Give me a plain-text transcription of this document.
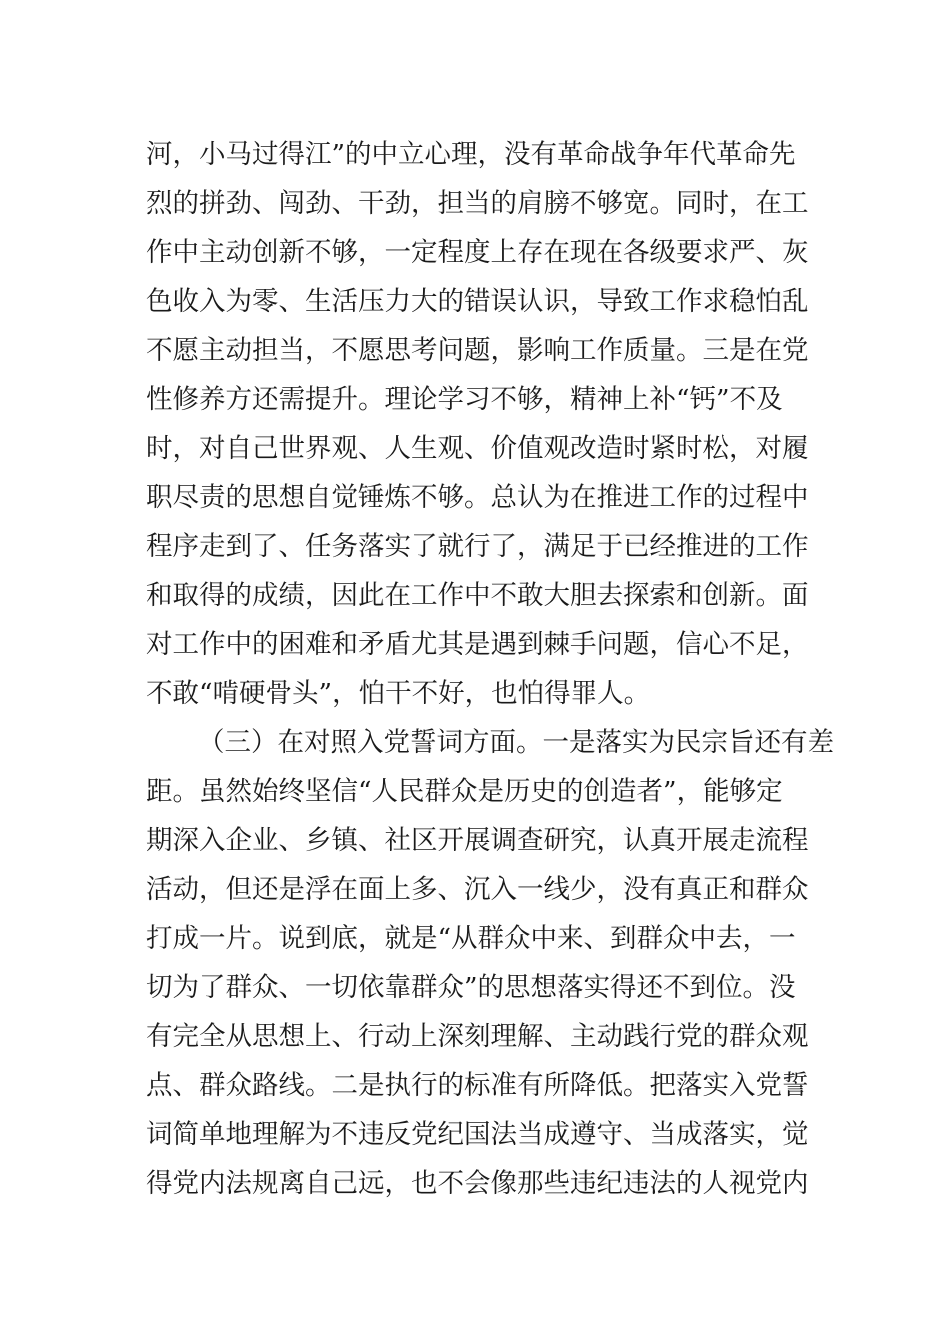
河，小马过得江”的中立心理，没有革命战争年代革命先
烈的拼劲、闯劲、干劲，担当的肩膀不够宽。同时，在工
作中主动创新不够，一定程度上存在现在各级要求严、灰
色收入为零、生活压力大的错误认识，导致工作求稳怕乱
不愿主动担当，不愿思考问题，影响工作质量。三是在党
性修养方还需提升。理论学习不够，精神上补“钙”不及
时，对自己世界观、人生观、价值观改造时紧时松，对履
职尽责的思想自觉锤炼不够。总认为在推进工作的过程中
程序走到了、任务落实了就行了，满足于已经推进的工作
和取得的成绩，因此在工作中不敢大胆去探索和创新。面
对工作中的困难和矛盾尤其是遇到棘手问题，信心不足，
不敢“啃硬骨头”，怕干不好，也怕得罪人。
（三）在对照入党誓词方面。一是落实为民宗旨还有差
距。虽然始终坚信“人民群众是历史的创造者”，能够定
期深入企业、乡镇、社区开展调查研究，认真开展走流程
活动，但还是浮在面上多、沉入一线少，没有真正和群众
打成一片。说到底，就是“从群众中来、到群众中去，一
切为了群众、一切依靠群众”的思想落实得还不到位。没
有完全从思想上、行动上深刻理解、主动践行党的群众观
点、群众路线。二是执行的标准有所降低。把落实入党誓
词简单地理解为不违反党纪国法当成遵守、当成落实，觉
得党内法规离自己远，也不会像那些违纪违法的人视党内
